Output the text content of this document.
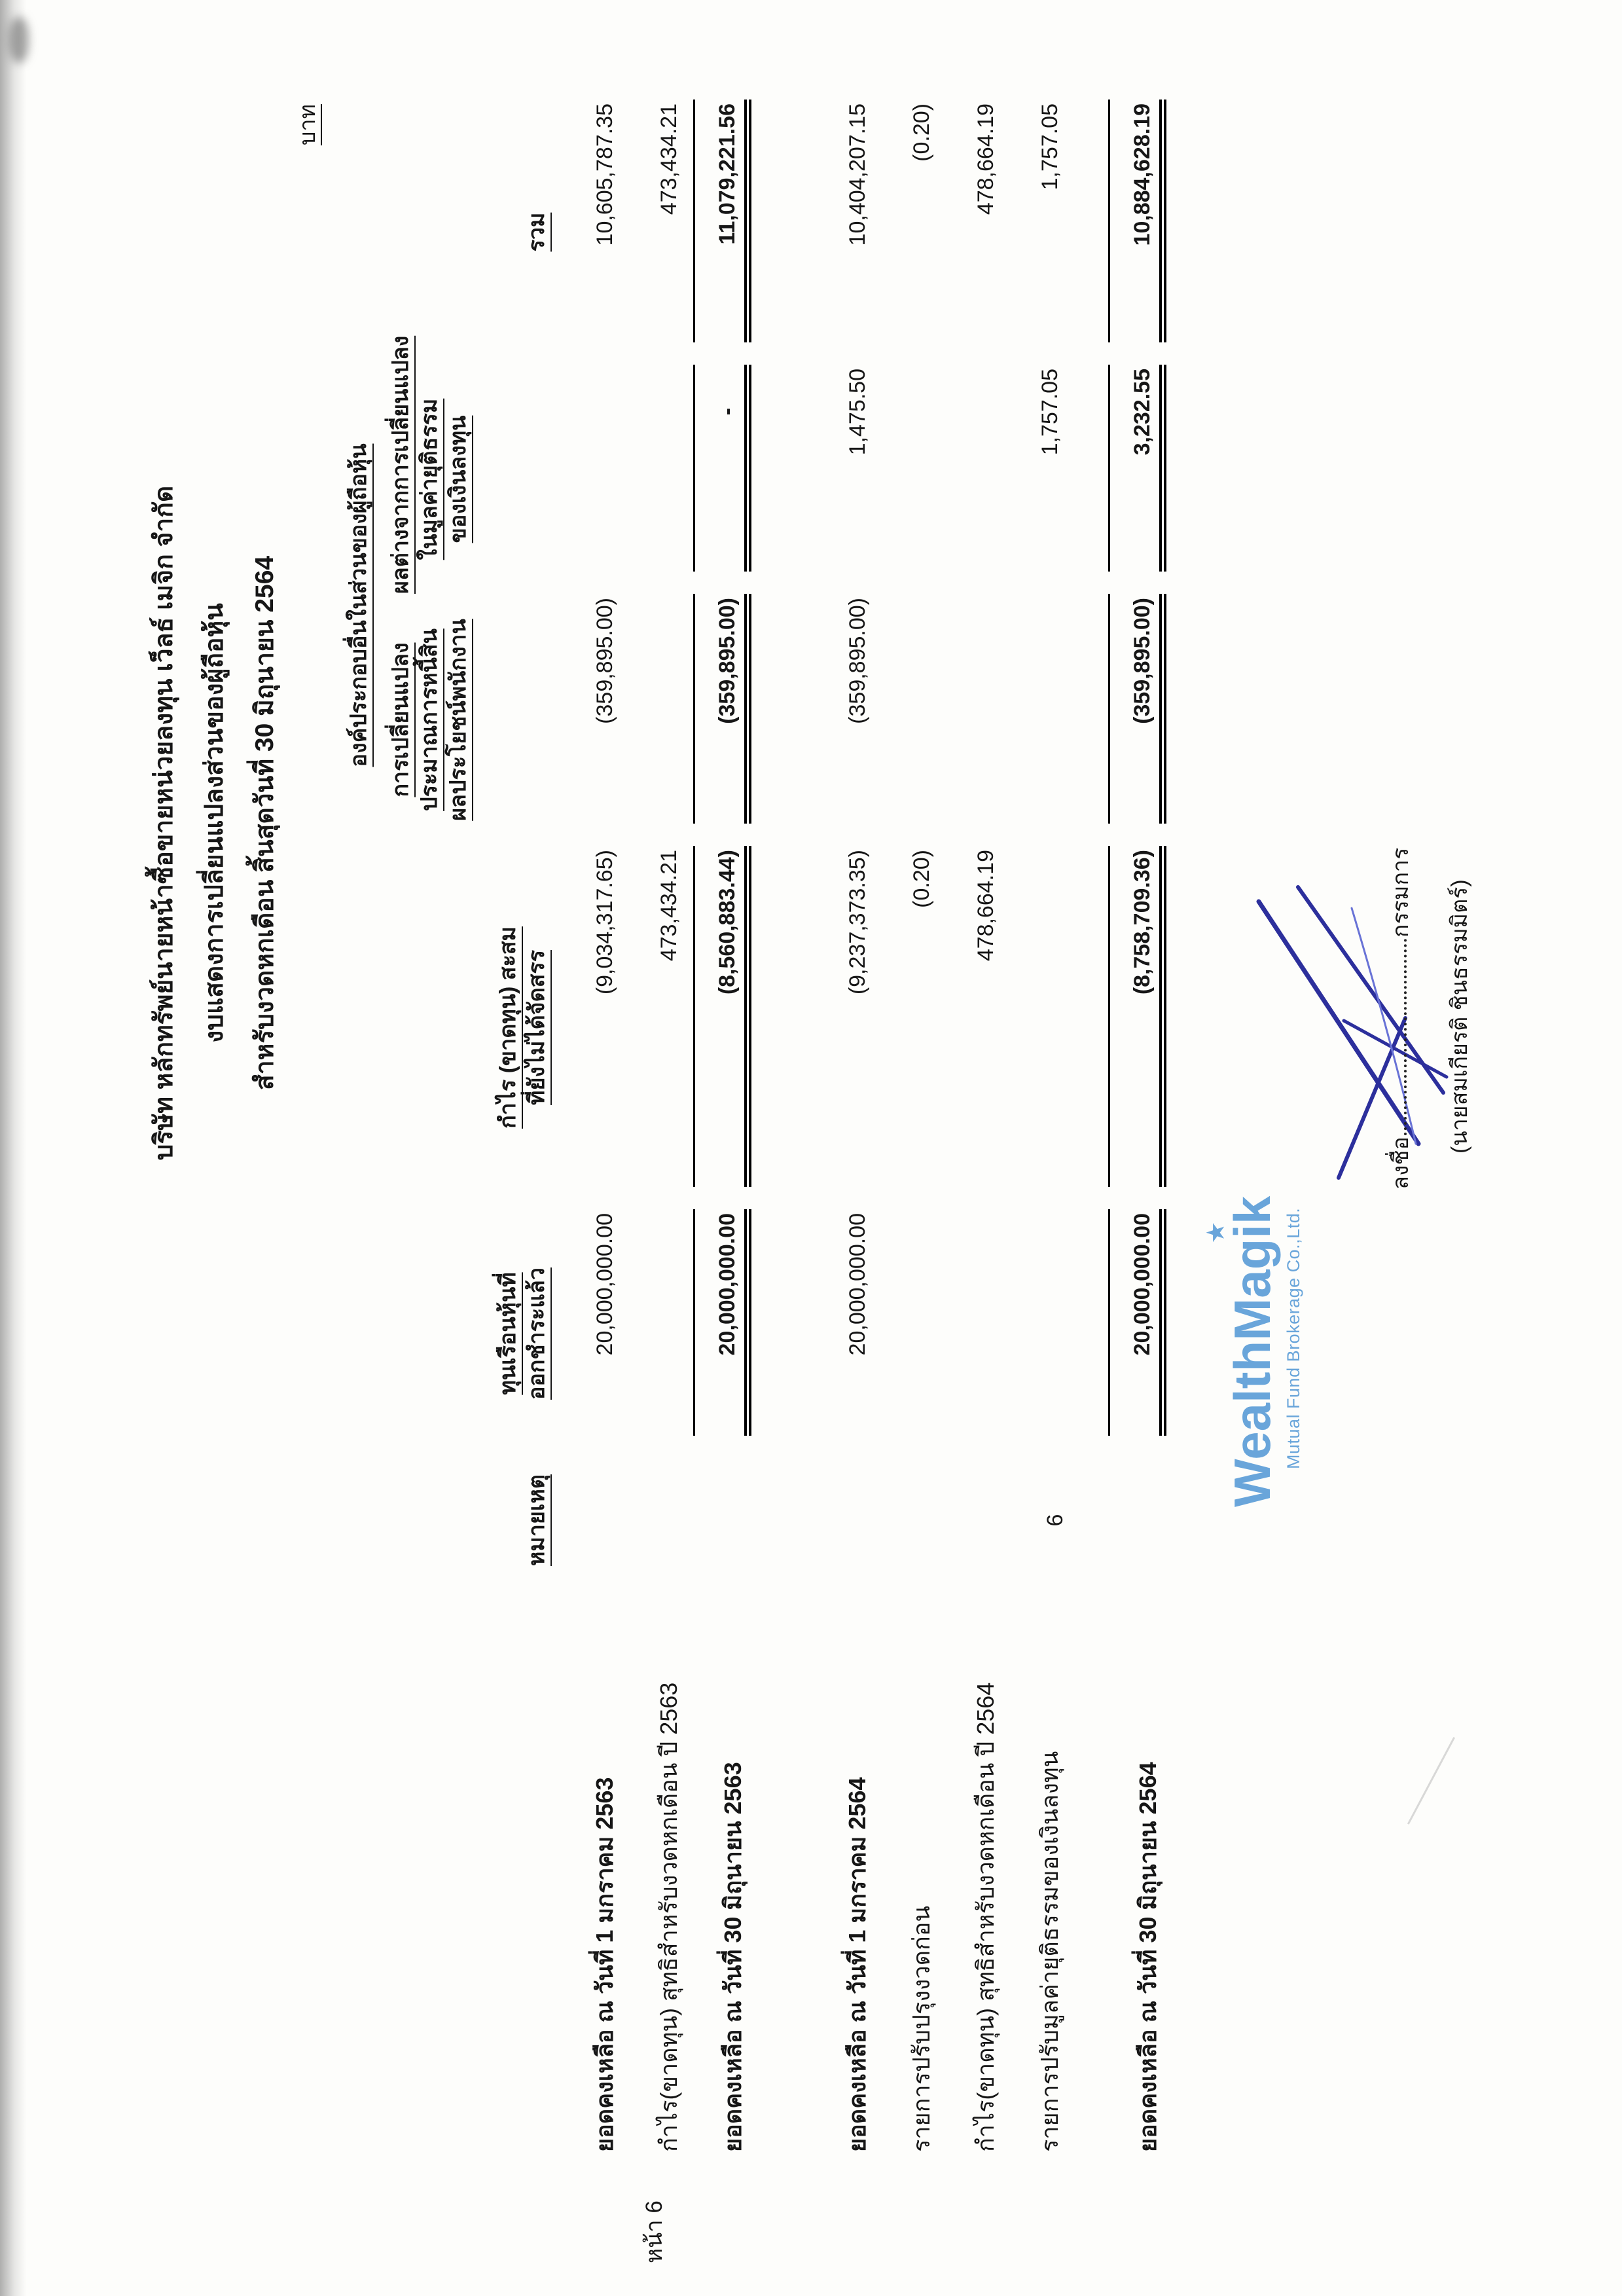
บริษัท หลักทรัพย์นายหน้าซื้อขายหน่วยลงทุน เว็ลธ์ เมจิก จำกัด งบแสดงการเปลี่ยนแปลงส่วนของผู้ถือหุ้น สำหรับงวดหกเดือน สิ้นสุดวันที่ 30 มิถุนายน 2564
บาท
				องค์ประกอบอื่นในส่วนของผู้ถือหุ้น		
	หมายเหตุ	ทุนเรือนหุ้นที่ ออกชำระแล้ว	กำไร (ขาดทุน) สะสม ที่ยังไม่ได้จัดสรร	การเปลี่ยนแปลง ประมาณการหนี้สิน ผลประโยชน์พนักงาน	ผลต่างจากการเปลี่ยนแปลง ในมูลค่ายุติธรรม ของเงินลงทุน	รวม
ยอดคงเหลือ ณ วันที่ 1 มกราคม 2563		20,000,000.00	(9,034,317.65)	(359,895.00)		10,605,787.35

กำไร(ขาดทุน) สุทธิสำหรับงวดหกเดือน ปี 2563			473,434.21			473,434.21

ยอดคงเหลือ ณ วันที่ 30 มิถุนายน 2563		20,000,000.00	(8,560,883.44)	(359,895.00)	-	11,079,221.56

ยอดคงเหลือ ณ วันที่ 1 มกราคม 2564		20,000,000.00	(9,237,373.35)	(359,895.00)	1,475.50	10,404,207.15

รายการปรับปรุงงวดก่อน			(0.20)			(0.20)

กำไร(ขาดทุน) สุทธิสำหรับงวดหกเดือน ปี 2564			478,664.19			478,664.19

รายการปรับมูลค่ายุติธรรมของเงินลงทุน	6				1,757.05	1,757.05

ยอดคงเหลือ ณ วันที่ 30 มิถุนายน 2564		20,000,000.00	(8,758,709.36)	(359,895.00)	3,232.55	10,884,628.19
WealthMag
★
ik Mutual Fund Brokerage Co.,Ltd.
ลงชื่อกรรมการ (นายสมเกียรติ ชินธรรมมิตร์)
หน้า 6
